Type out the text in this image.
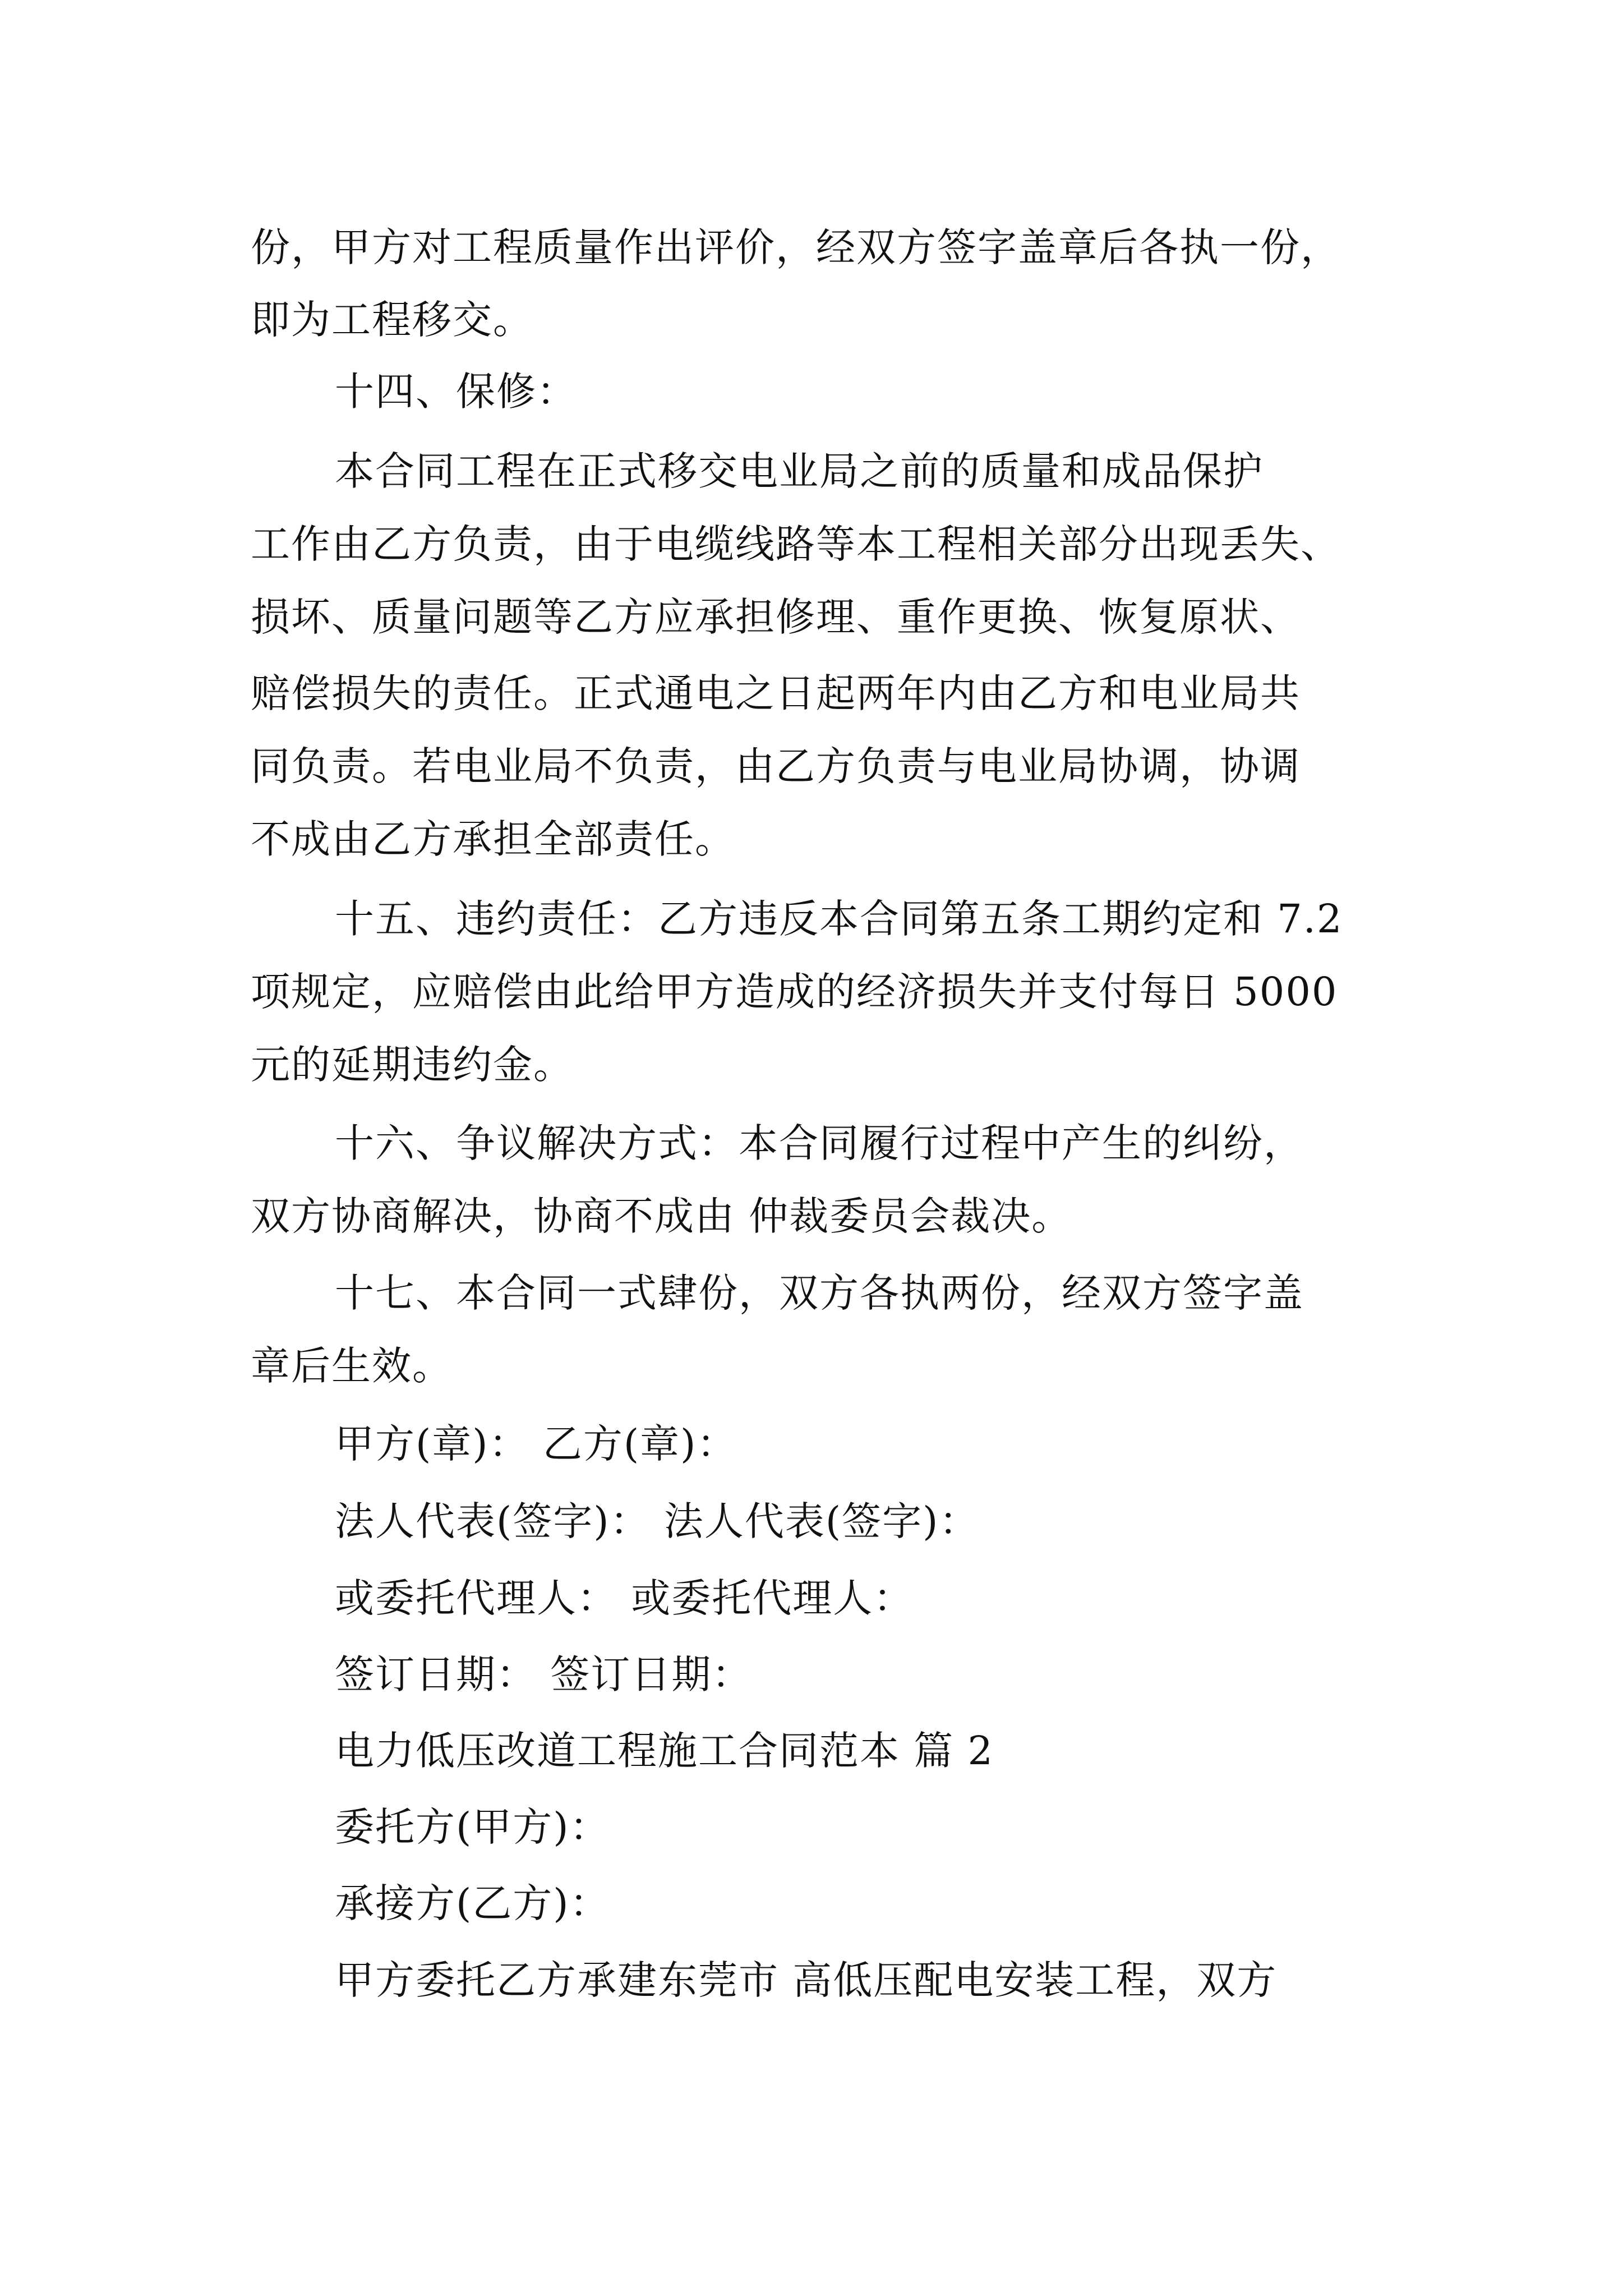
份，甲方对工程质量作出评价，经双方签字盖章后各执一份，
即为工程移交。
十四、保修：
本合同工程在正式移交电业局之前的质量和成品保护
工作由乙方负责，由于电缆线路等本工程相关部分出现丢失、
损坏、质量问题等乙方应承担修理、重作更换、恢复原状、
赔偿损失的责任。正式通电之日起两年内由乙方和电业局共
同负责。若电业局不负责，由乙方负责与电业局协调，协调
不成由乙方承担全部责任。
十五、违约责任：乙方违反本合同第五条工期约定和 7.2
项规定，应赔偿由此给甲方造成的经济损失并支付每日 5000
元的延期违约金。
十六、争议解决方式：本合同履行过程中产生的纠纷，
双方协商解决，协商不成由 仲裁委员会裁决。
十七、本合同一式肆份，双方各执两份，经双方签字盖
章后生效。
甲方(章)： 乙方(章)：
法人代表(签字)： 法人代表(签字)：
或委托代理人： 或委托代理人：
签订日期： 签订日期：
电力低压改道工程施工合同范本 篇 2
委托方(甲方)：
承接方(乙方)：
甲方委托乙方承建东莞市 高低压配电安装工程，双方
